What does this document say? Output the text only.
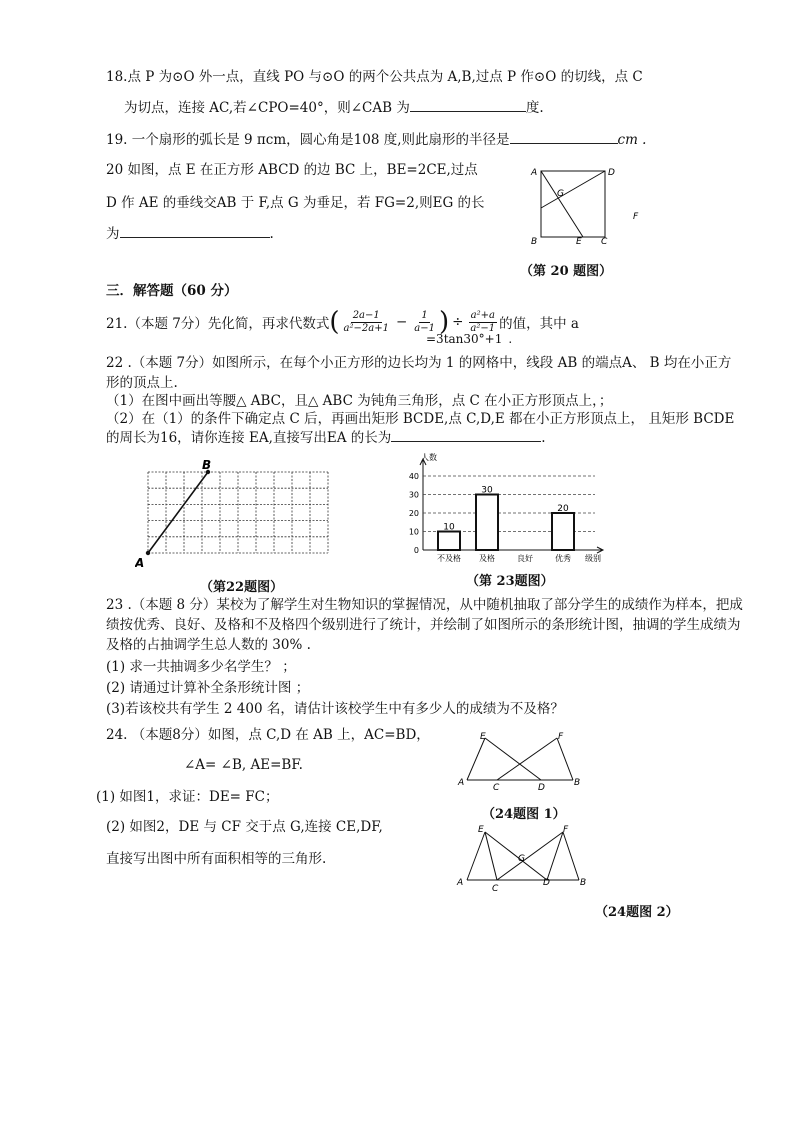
18.点 P 为⊙O 外一点，直线 PO 与⊙O 的两个公共点为 A,B,过点 P 作⊙O 的切线，点 C
为切点，连接 AC,若∠CPO=40°，则∠CAB 为	度.
19. 一个扇形的弧长是 9 πcm，圆心角是108 度,则此扇形的半径是	cm .
20 如图，点 E 在正方形 ABCD 的边 BC 上，BE=2CE,过点
D 作 AE 的垂线交AB 于 F,点 G 为垂足，若 FG=2,则EG 的长
为	.
A	D
G
F
B	E C
（第 20 题图）
三．解答题（60 分）
21.（本题 7分）先化简，再求代数式 ( $\frac{2a-1}{\text{a²−2a+1}} - \frac{1}{a-1}$ ) ÷ $\frac{\text{a²+a}}{\text{a²−1}}$ 的值，其中 a
=3tan30°+1 .
22 .（本题 7分）如图所示，在每个小正方形的边长均为 1 的网格中，线段 AB 的端点A、 B 均在小正方
形的顶点上.
（1）在图中画出等腰△ ABC，且△ ABC 为钝角三角形，点 C 在小正方形顶点上，；
（2）在（1）的条件下确定点 C 后，再画出矩形 BCDE,点 C,D,E 都在小正方形顶点上， 且矩形 BCDE
的周长为16，请你连接 EA,直接写出EA 的长为	.
A
B
（第22题图）
0
10
20
30
40
人数
级别
不及格
10
及格
30
良好	优秀
20
（第 23题图）
23 .（本题 8 分）某校为了解学生对生物知识的掌握情况，从中随机抽取了部分学生的成绩作为样本，把成
绩按优秀、良好、及格和不及格四个级别进行了统计，并绘制了如图所示的条形统计图，抽调的学生成绩为
及格的占抽调学生总人数的 30% .
(1) 求一共抽调多少名学生？ ；
(2) 请通过计算补全条形统计图 ；
(3)若该校共有学生 2 400 名，请估计该校学生中有多少人的成绩为不及格？
24. （本题8分）如图，点 C,D 在 AB 上，AC=BD，
∠A= ∠B, AE=BF.
(1) 如图1，求证：DE= FC；
(2) 如图2，DE 与 CF 交于点 G,连接 CE,DF,
直接写出图中所有面积相等的三角形.
E	F
A	C	D	B
（24题图 1）
E	F
G
A
C
D	B
（24题图 2）
